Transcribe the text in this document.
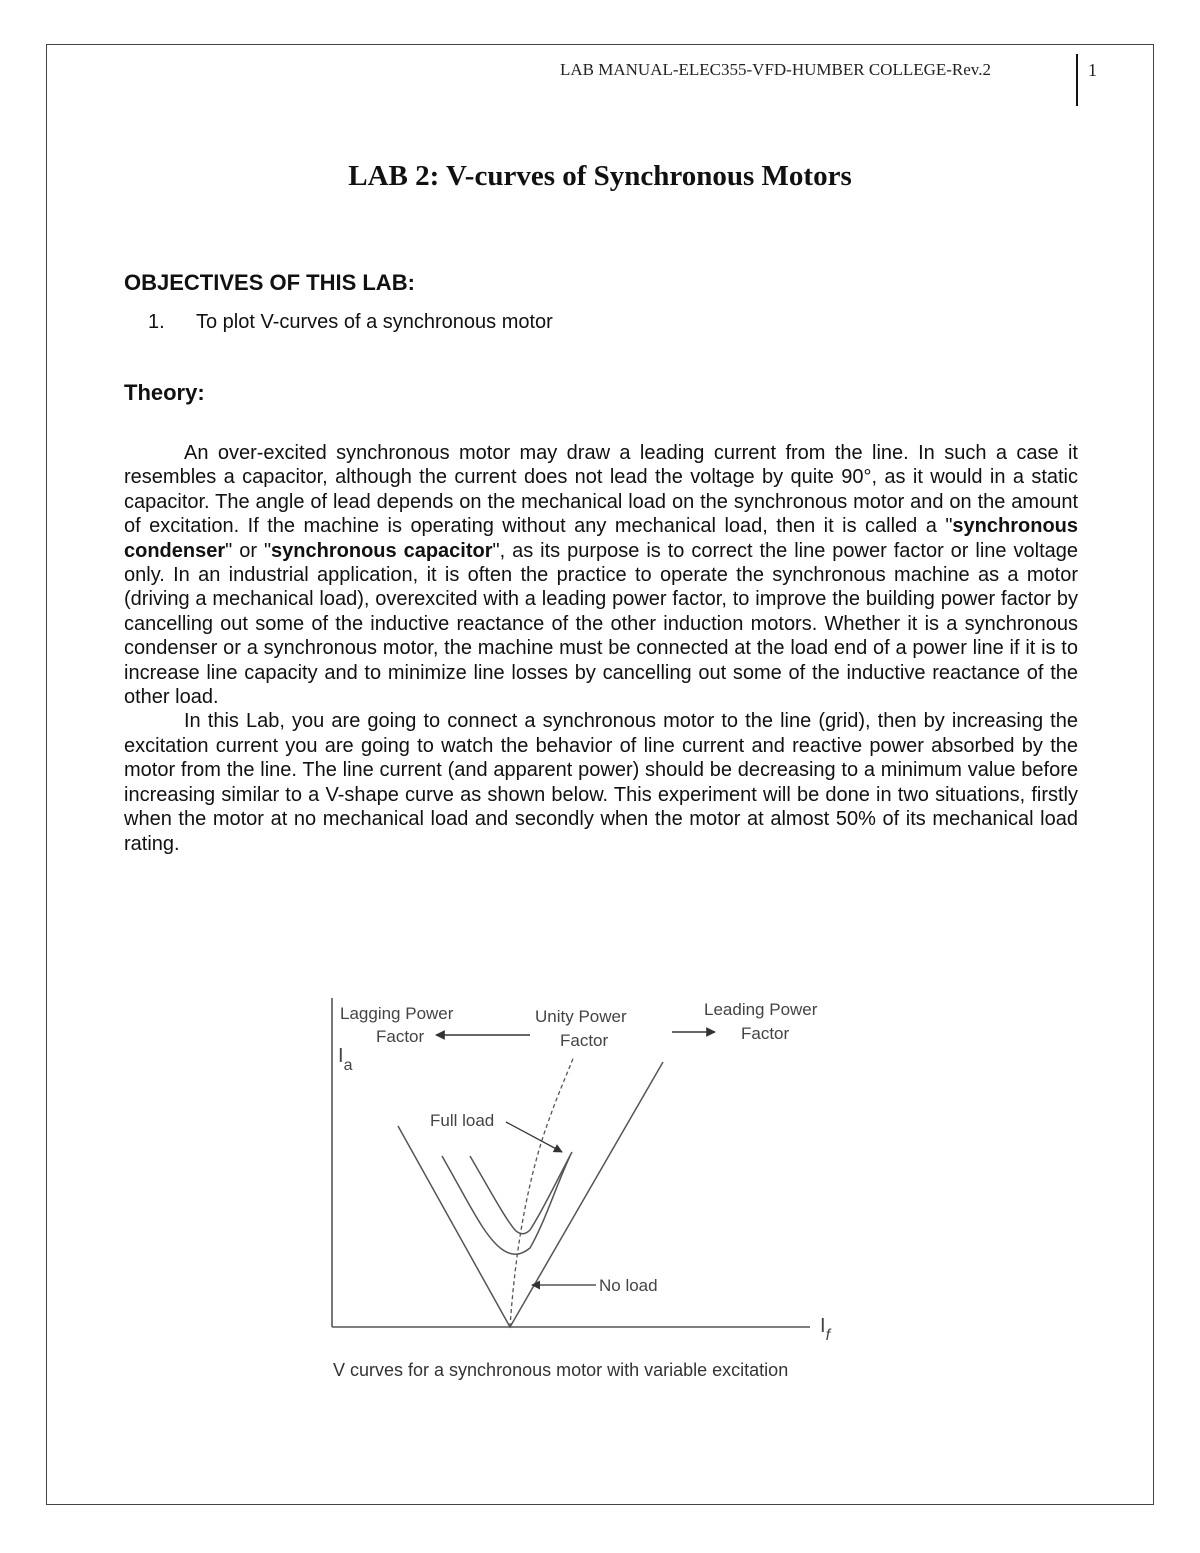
LAB MANUAL-ELEC355-VFD-HUMBER COLLEGE-Rev.2	1
LAB 2: V-curves of Synchronous Motors
OBJECTIVES OF THIS LAB:
1. To plot V-curves of a synchronous motor
Theory:

An over-excited synchronous motor may draw a leading current from the line. In such a case it resembles a capacitor, although the current does not lead the voltage by quite 90°, as it would in a static capacitor. The angle of lead depends on the mechanical load on the synchronous motor and on the amount of excitation. If the machine is operating without any mechanical load, then it is called a "synchronous condenser" or "synchronous capacitor", as its purpose is to correct the line power factor or line voltage only. In an industrial application, it is often the practice to operate the synchronous machine as a motor (driving a mechanical load), overexcited with a leading power factor, to improve the building power factor by cancelling out some of the inductive reactance of the other induction motors. Whether it is a synchronous condenser or a synchronous motor, the machine must be connected at the load end of a power line if it is to increase line capacity and to minimize line losses by cancelling out some of the inductive reactance of the other load.

In this Lab, you are going to connect a synchronous motor to the line (grid), then by increasing the excitation current you are going to watch the behavior of line current and reactive power absorbed by the motor from the line. The line current (and apparent power) should be decreasing to a minimum value before increasing similar to a V-shape curve as shown below. This experiment will be done in two situations, firstly when the motor at no mechanical load and secondly when the motor at almost 50% of its mechanical load rating.

Lagging Power
Factor
Unity Power
Factor
Leading Power
Factor
$I_a$
$I_f$
Full load
No load
V curves for a synchronous motor with variable excitation
